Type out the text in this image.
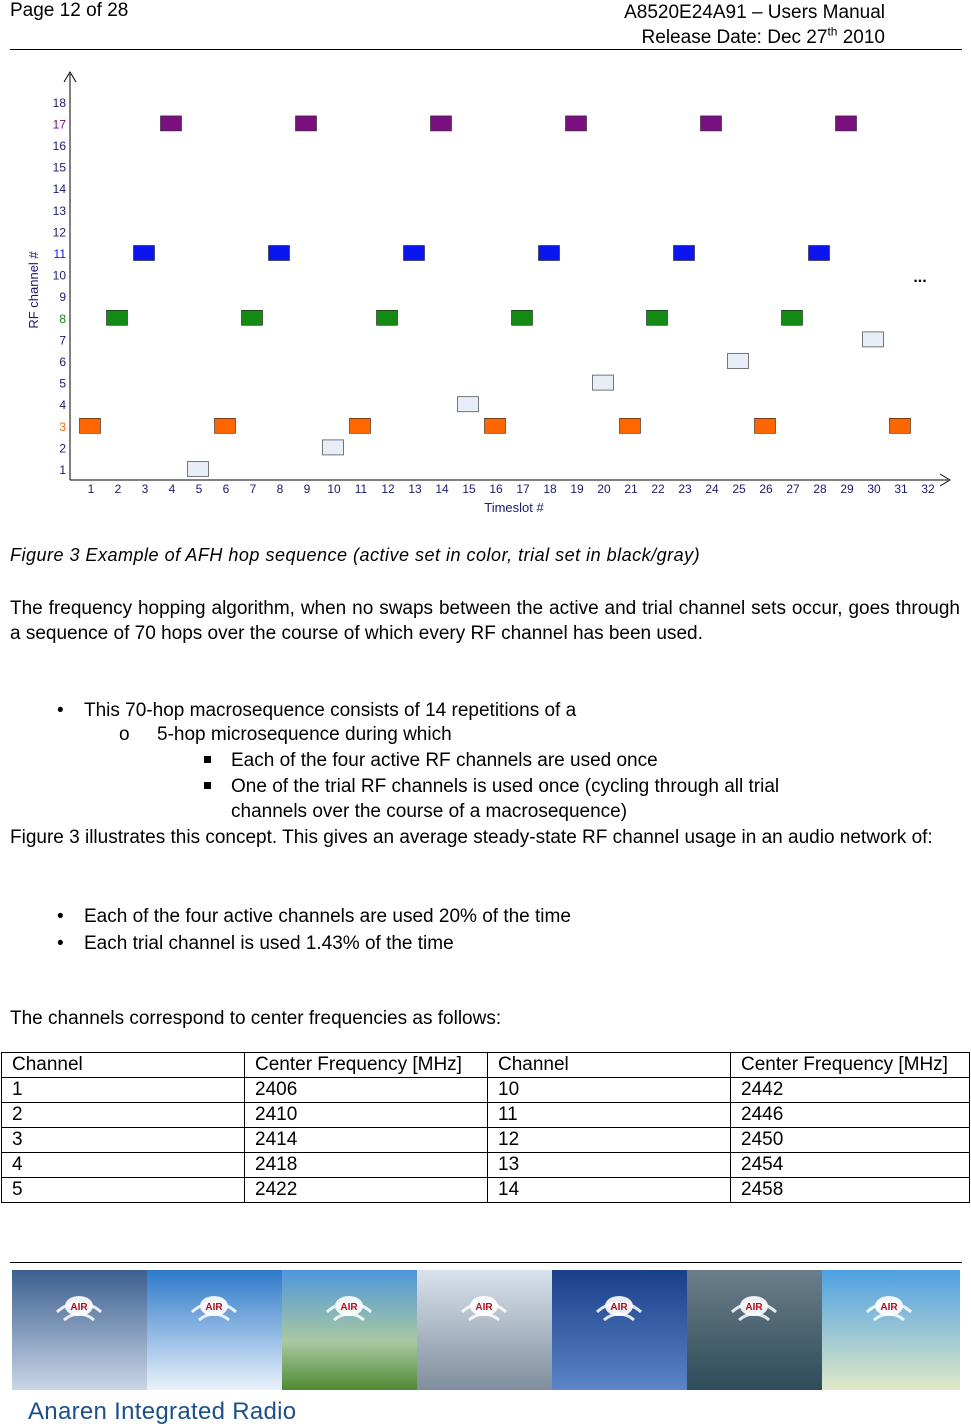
Page 12 of 28	A8520E24A91 – Users Manual
Release Date: Dec 27th 2010
1
2
3
4
5
6
7
8
9
10
11
12
13
14
15
16
17
18
1 2 3 4 5 6 7 8 9 10 11 12 13 14 15 16 17 18 19 20 21 22 23 24 25 26 27 28 29 30 31 32
Timeslot #
RF channel #	...
Figure 3 Example of AFH hop sequence (active set in color, trial set in black/gray)
The frequency hopping algorithm, when no swaps between the active and trial channel sets occur, goes through a sequence of 70 hops over the course of which every RF channel has been used.
• This 70-hop macrosequence consists of 14 repetitions of a
o 5-hop microsequence during which
Each of the four active RF channels are used once
One of the trial RF channels is used once (cycling through all trial
channels over the course of a macrosequence)
Figure 3 illustrates this concept. This gives an average steady-state RF channel usage in an audio network of:
• Each of the four active channels are used 20% of the time
• Each trial channel is used 1.43% of the time
The channels correspond to center frequencies as follows:
Channel	Center Frequency [MHz]	Channel	Center Frequency [MHz]
1	2406	10	2442
2	2410	11	2446
3	2414	12	2450
4	2418	13	2454
5	2422	14	2458
AIR	AIR	AIR	AIR	AIR	AIR	AIR
Anaren Integrated Radio
